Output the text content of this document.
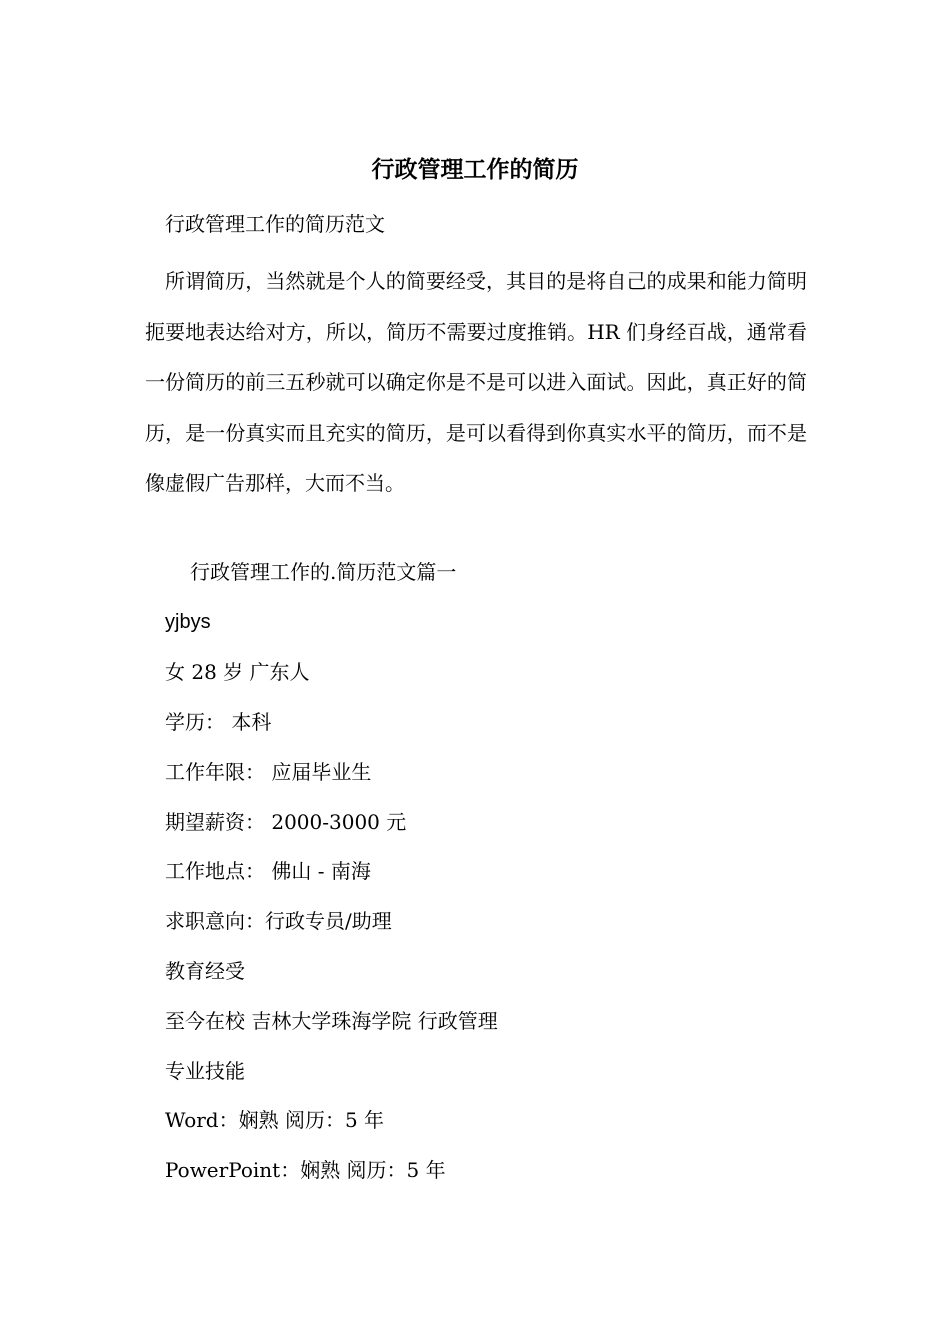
行政管理工作的简历
行政管理工作的简历范文

所谓简历，当然就是个人的简要经受，其目的是将自己的成果和能力简明扼要地表达给对方，所以，简历不需要过度推销。HR 们身经百战，通常看一份简历的前三五秒就可以确定你是不是可以进入面试。因此，真正好的简历，是一份真实而且充实的简历，是可以看得到你真实水平的简历，而不是像虚假广告那样，大而不当。

行政管理工作的.简历范文篇一
yjbys
女 28 岁 广东人
学历： 本科
工作年限： 应届毕业生
期望薪资： 2000-3000 元
工作地点： 佛山 - 南海
求职意向：行政专员/助理
教育经受
至今在校 吉林大学珠海学院 行政管理
专业技能
Word：娴熟 阅历：5 年
PowerPoint：娴熟 阅历：5 年
